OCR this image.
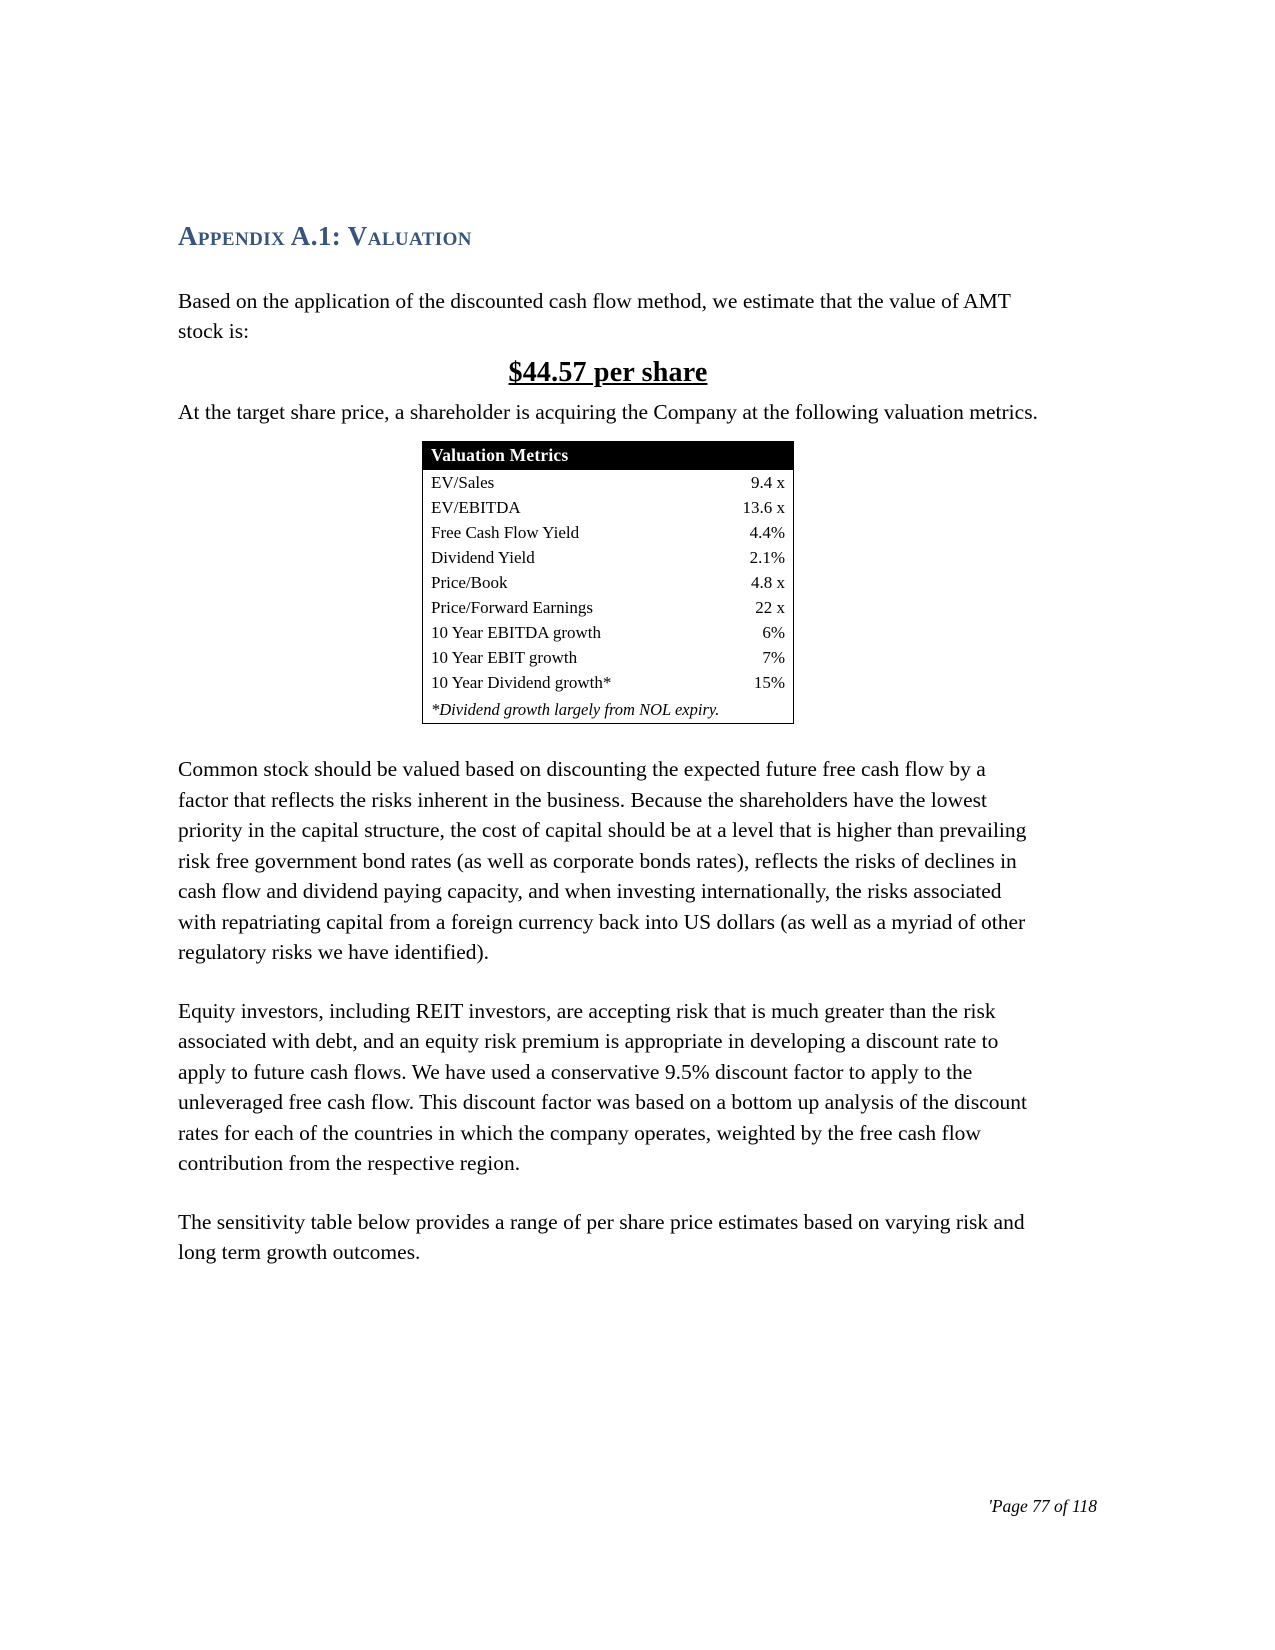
Appendix A.1: Valuation

Based on the application of the discounted cash flow method, we estimate that the value of AMT stock is:

$44.57 per share

At the target share price, a shareholder is acquiring the Company at the following valuation metrics.

Valuation Metrics	
EV/Sales	9.4 x
EV/EBITDA	13.6 x
Free Cash Flow Yield	4.4%
Dividend Yield	2.1%
Price/Book	4.8 x
Price/Forward Earnings	22 x
10 Year EBITDA growth	6%
10 Year EBIT growth	7%
10 Year Dividend growth*	15%
*Dividend growth largely from NOL expiry.	

Common stock should be valued based on discounting the expected future free cash flow by a factor that reflects the risks inherent in the business. Because the shareholders have the lowest priority in the capital structure, the cost of capital should be at a level that is higher than prevailing risk free government bond rates (as well as corporate bonds rates), reflects the risks of declines in cash flow and dividend paying capacity, and when investing internationally, the risks associated with repatriating capital from a foreign currency back into US dollars (as well as a myriad of other regulatory risks we have identified).

Equity investors, including REIT investors, are accepting risk that is much greater than the risk associated with debt, and an equity risk premium is appropriate in developing a discount rate to apply to future cash flows. We have used a conservative 9.5% discount factor to apply to the unleveraged free cash flow. This discount factor was based on a bottom up analysis of the discount rates for each of the countries in which the company operates, weighted by the free cash flow contribution from the respective region.

The sensitivity table below provides a range of per share price estimates based on varying risk and long term growth outcomes.

'Page 77 of 118
